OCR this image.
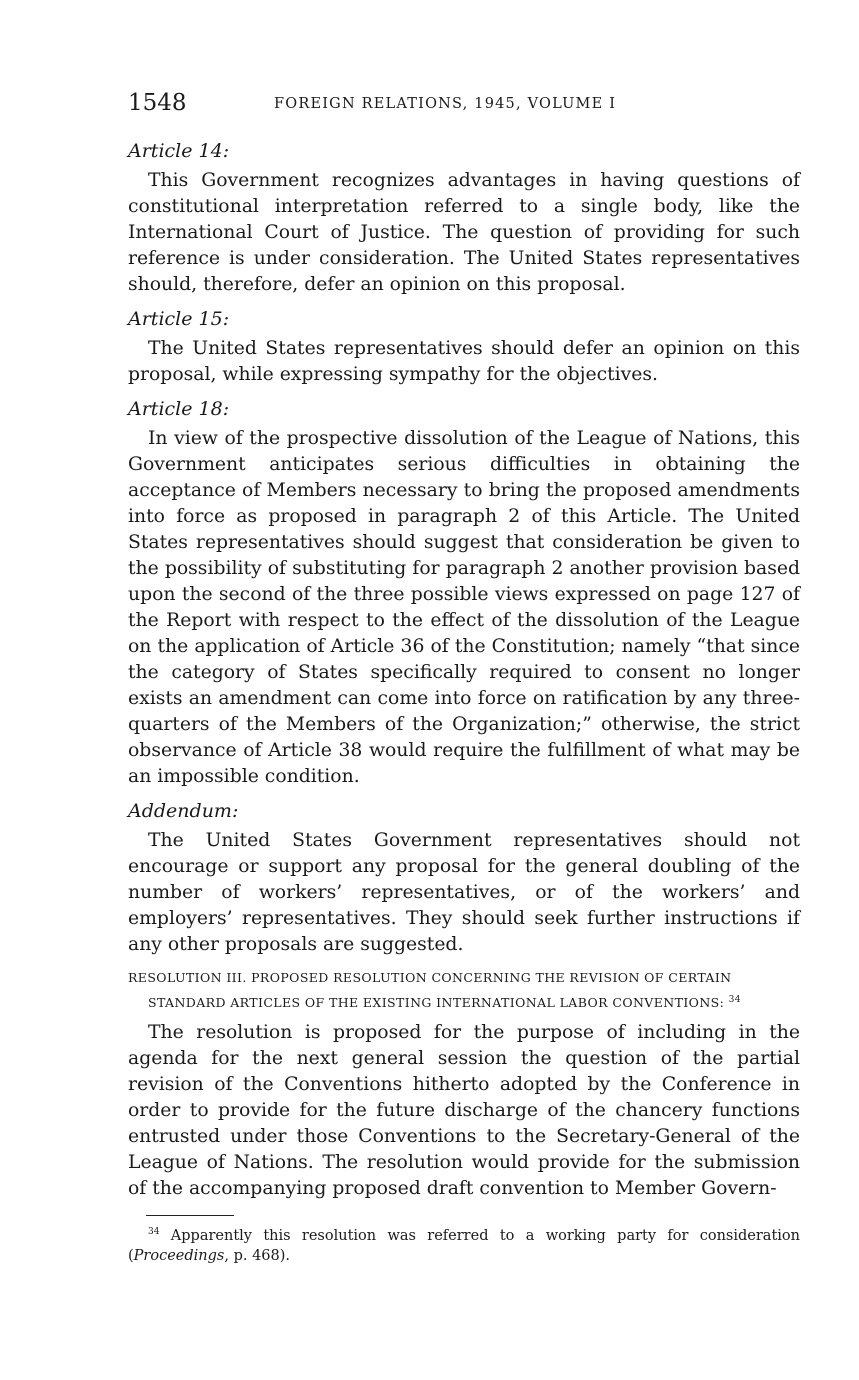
1548	FOREIGN RELATIONS, 1945, VOLUME I
Article 14:

This Government recognizes advantages in having questions of constitutional interpretation referred to a single body, like the International Court of Justice. The question of providing for such reference is under consideration. The United States representatives should, therefore, defer an opinion on this proposal.

Article 15:

The United States representatives should defer an opinion on this proposal, while expressing sympathy for the objectives.

Article 18:

In view of the prospective dissolution of the League of Nations, this Government anticipates serious difficulties in obtaining the acceptance of Members necessary to bring the proposed amendments into force as proposed in paragraph 2 of this Article. The United States representatives should suggest that consideration be given to the possibility of substituting for paragraph 2 another provision based upon the second of the three possible views expressed on page 127 of the Report with respect to the effect of the dissolution of the League on the application of Article 36 of the Constitution; namely “that since the category of States specifically required to consent no longer exists an amendment can come into force on ratification by any three-quarters of the Members of the Organization;” otherwise, the strict observance of Article 38 would require the fulfillment of what may be an impossible condition.

Addendum:

The United States Government representatives should not encourage or support any proposal for the general doubling of the number of workers’ representatives, or of the workers’ and employers’ representatives. They should seek further instructions if any other proposals are suggested.

RESOLUTION III. PROPOSED RESOLUTION CONCERNING THE REVISION OF CERTAIN STANDARD ARTICLES OF THE EXISTING INTERNATIONAL LABOR CONVENTIONS: $^{34}$

The resolution is proposed for the purpose of including in the agenda for the next general session the question of the partial revision of the Conventions hitherto adopted by the Conference in order to provide for the future discharge of the chancery functions entrusted under those Conventions to the Secretary-General of the League of Nations. The resolution would provide for the submission of the accompanying proposed draft convention to Member Govern-

$^{34}$ Apparently this resolution was referred to a working party for consideration (Proceedings, p. 468).
